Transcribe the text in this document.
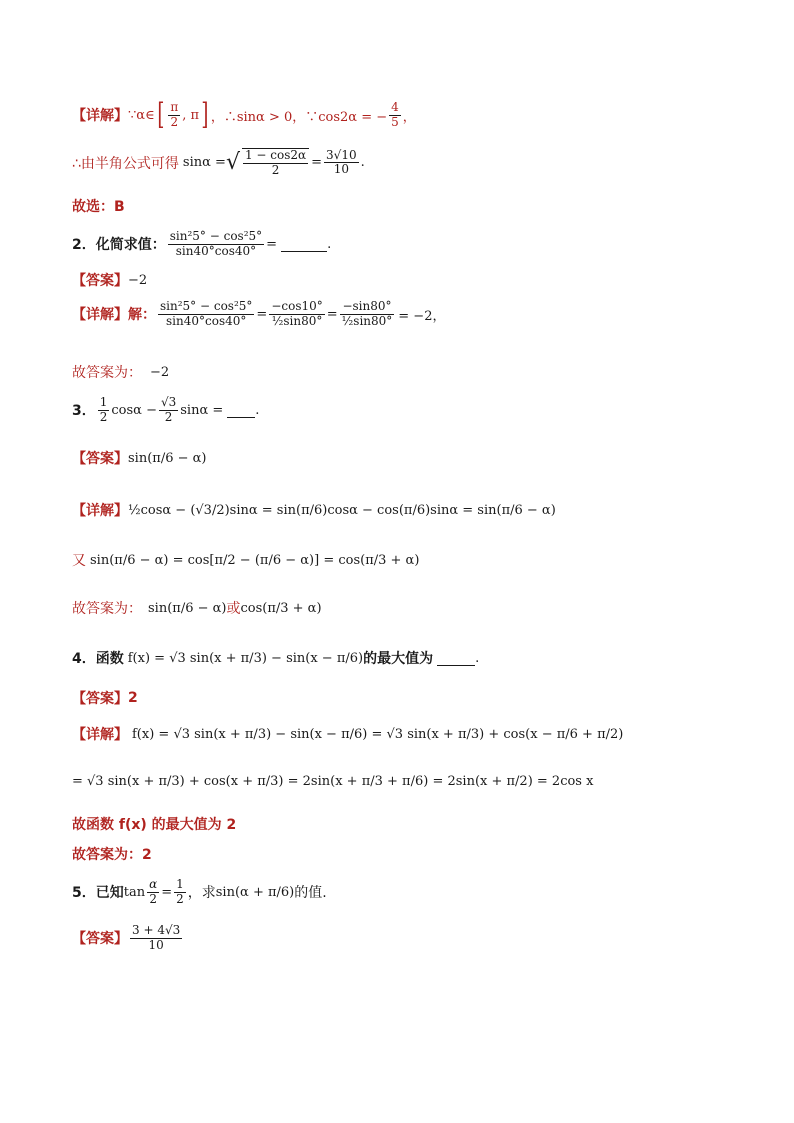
【详解】 ∵α∈ [ $\frac{\pi}{2}$ , π ] ，∴sinα > 0，∵cos2α = − $\frac{4}{5}$ ，
∴由半角公式可得 sinα = √ $\frac{1 - \cos 2\alpha}{2} = \frac{3√10}{10}$ .
故选：B
2．化简求值： $\frac{\text{sin²5° − cos²5°}}{\sin 40^\circ\cos 40^\circ}$ =	.
【答案】 −2
【详解】解： $\frac{\text{sin²5° − cos²5°}}{\sin 40^\circ\cos 40^\circ} = \frac{-\cos 10^\circ}{\text{½sin80°}} = \frac{-\sin 80^\circ}{\text{½sin80°}} = -2$，
故答案为： −2
3． $\frac{1}{2}$ $\cos\alpha - \frac{√3}{2}$ sinα = .
【答案】 sin(π/6 − α)
【详解】 ½cosα − (√3/2)sinα = sin(π/6)cosα − cos(π/6)sinα = sin(π/6 − α)
又 sin(π/6 − α) = cos[π/2 − (π/6 − α)] = cos(π/3 + α)
故答案为： sin(π/6 − α) 或 cos(π/3 + α)
4．函数 f(x) = √3 sin(x + π/3) − sin(x − π/6) 的最大值为	.
【答案】 2
【详解】 f(x) = √3 sin(x + π/3) − sin(x − π/6) = √3 sin(x + π/3) + cos(x − π/6 + π/2)
= √3 sin(x + π/3) + cos(x + π/3) = 2sin(x + π/3 + π/6) = 2sin(x + π/2) = 2cos x
故函数 f(x) 的最大值为 2
故答案为：2
5．已知 $\tan \frac{\alpha}{2} = \frac{1}{2}$ ，求 sin(α + π/6) 的值.
【答案】 $\frac{3 + 4√3}{10}$
